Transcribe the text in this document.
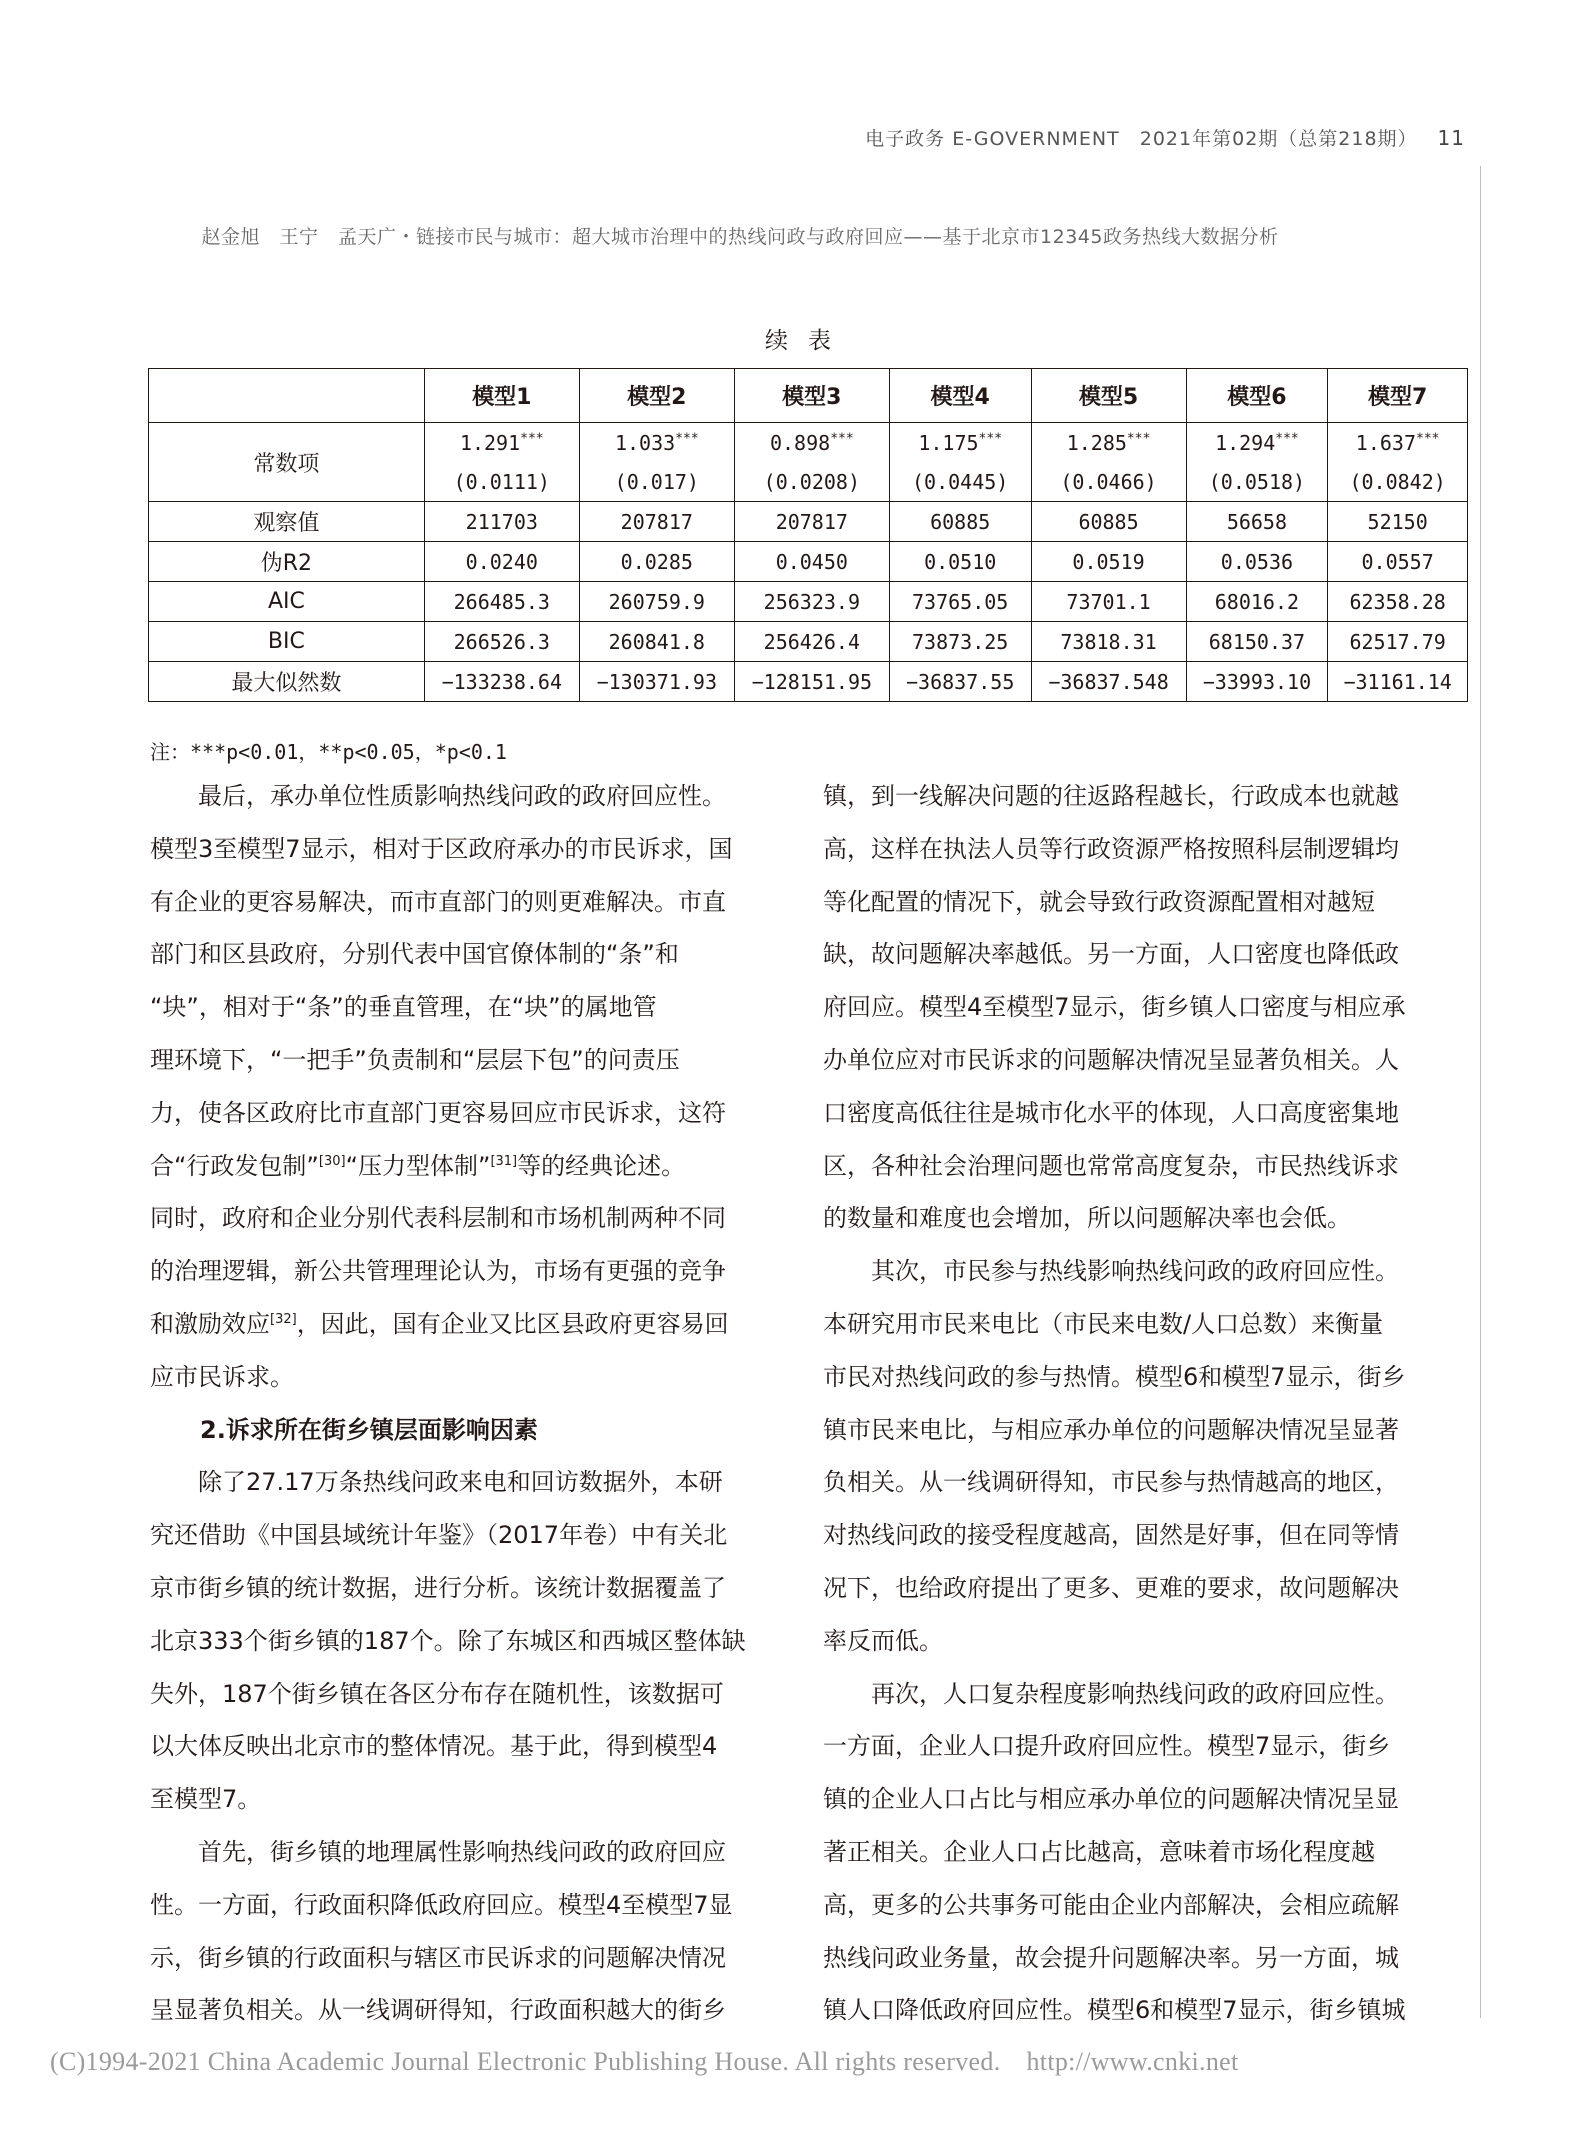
电子政务 E-GOVERNMENT　2021年第02期（总第218期） 11
赵金旭　王宁　孟天广・链接市民与城市：超大城市治理中的热线问政与政府回应——基于北京市12345政务热线大数据分析
续表
	模型1	模型2	模型3	模型4	模型5	模型6	模型7
常数项	1.291***	1.033***	0.898***	1.175***	1.285***	1.294***	1.637***
	(0.0111)	(0.017)	(0.0208)	(0.0445)	(0.0466)	(0.0518)	(0.0842)
观察值	211703	207817	207817	60885	60885	56658	52150
伪R2	0.0240	0.0285	0.0450	0.0510	0.0519	0.0536	0.0557
AIC	266485.3	260759.9	256323.9	73765.05	73701.1	68016.2	62358.28
BIC	266526.3	260841.8	256426.4	73873.25	73818.31	68150.37	62517.79
最大似然数	−133238.64	−130371.93	−128151.95	−36837.55	−36837.548	−33993.10	−31161.14
注：***p<0.01，**p<0.05，*p<0.1

最后，承办单位性质影响热线问政的政府回应性。
模型3至模型7显示，相对于区政府承办的市民诉求，国
有企业的更容易解决，而市直部门的则更难解决。市直
部门和区县政府，分别代表中国官僚体制的“条”和
“块”，相对于“条”的垂直管理，在“块”的属地管
理环境下，“一把手”负责制和“层层下包”的问责压
力，使各区政府比市直部门更容易回应市民诉求，这符
合“行政发包制”[30]“压力型体制”[31]等的经典论述。
同时，政府和企业分别代表科层制和市场机制两种不同
的治理逻辑，新公共管理理论认为，市场有更强的竞争
和激励效应[32]，因此，国有企业又比区县政府更容易回
应市民诉求。

2.诉求所在街乡镇层面影响因素

除了27.17万条热线问政来电和回访数据外，本研
究还借助《中国县域统计年鉴》（2017年卷）中有关北
京市街乡镇的统计数据，进行分析。该统计数据覆盖了
北京333个街乡镇的187个。除了东城区和西城区整体缺
失外，187个街乡镇在各区分布存在随机性，该数据可
以大体反映出北京市的整体情况。基于此，得到模型4
至模型7。

首先，街乡镇的地理属性影响热线问政的政府回应
性。一方面，行政面积降低政府回应。模型4至模型7显
示，街乡镇的行政面积与辖区市民诉求的问题解决情况
呈显著负相关。从一线调研得知，行政面积越大的街乡

镇，到一线解决问题的往返路程越长，行政成本也就越
高，这样在执法人员等行政资源严格按照科层制逻辑均
等化配置的情况下，就会导致行政资源配置相对越短
缺，故问题解决率越低。另一方面，人口密度也降低政
府回应。模型4至模型7显示，街乡镇人口密度与相应承
办单位应对市民诉求的问题解决情况呈显著负相关。人
口密度高低往往是城市化水平的体现，人口高度密集地
区，各种社会治理问题也常常高度复杂，市民热线诉求
的数量和难度也会增加，所以问题解决率也会低。

其次，市民参与热线影响热线问政的政府回应性。
本研究用市民来电比（市民来电数/人口总数）来衡量
市民对热线问政的参与热情。模型6和模型7显示，街乡
镇市民来电比，与相应承办单位的问题解决情况呈显著
负相关。从一线调研得知，市民参与热情越高的地区，
对热线问政的接受程度越高，固然是好事，但在同等情
况下，也给政府提出了更多、更难的要求，故问题解决
率反而低。

再次，人口复杂程度影响热线问政的政府回应性。
一方面，企业人口提升政府回应性。模型7显示，街乡
镇的企业人口占比与相应承办单位的问题解决情况呈显
著正相关。企业人口占比越高，意味着市场化程度越
高，更多的公共事务可能由企业内部解决，会相应疏解
热线问政业务量，故会提升问题解决率。另一方面，城
镇人口降低政府回应性。模型6和模型7显示，街乡镇城

(C)1994-2021 China Academic Journal Electronic Publishing House. All rights reserved. http://www.cnki.net
